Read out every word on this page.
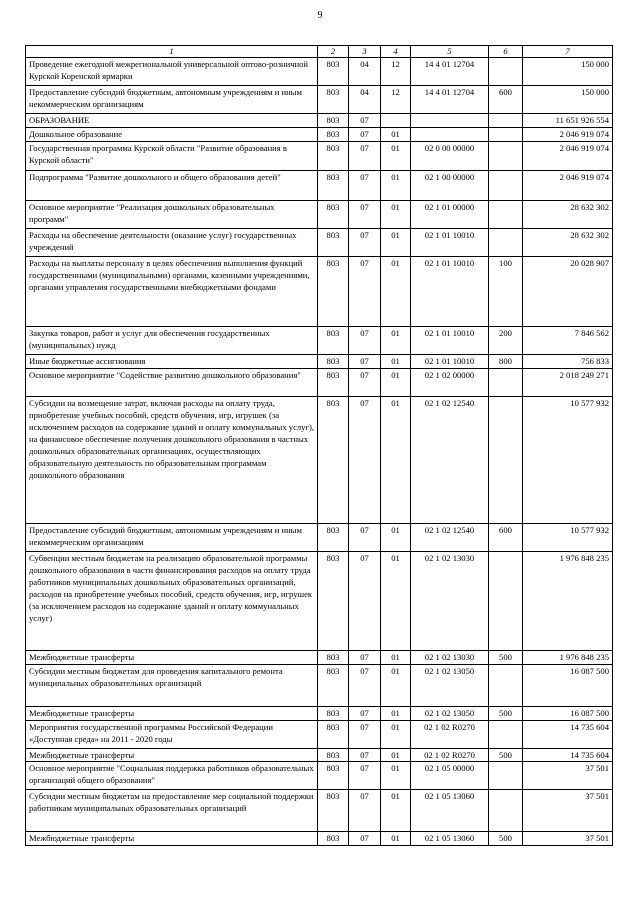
9
1	2	3	4	5	6	7
Проведение ежегодной межрегиональной универсальной оптово-розничной Курской Коренской ярмарки	803	04	12	14 4 01 12704		150 000
Предоставление субсидий бюджетным, автономным учреждениям и иным некоммерческим организациям	803	04	12	14 4 01 12704	600	150 000
ОБРАЗОВАНИЕ	803	07				11 651 926 554
Дошкольное образование	803	07	01			2 046 919 074
Государственная программа Курской области "Развитие образования в Курской области"	803	07	01	02 0 00 00000		2 046 919 074
Подпрограмма "Развитие дошкольного и общего образования детей"	803	07	01	02 1 00 00000		2 046 919 074
Основное мероприятие "Реализация дошкольных образовательных программ"	803	07	01	02 1 01 00000		28 632 302
Расходы на обеспечение деятельности (оказание услуг) государственных учреждений	803	07	01	02 1 01 10010		28 632 302
Расходы на выплаты персоналу в целях обеспечения выполнения функций государственными (муниципальными) органами, казенными учреждениями, органами управления государственными внебюджетными фондами	803	07	01	02 1 01 10010	100	20 028 907
Закупка товаров, работ и услуг для обеспечения государственных (муниципальных) нужд	803	07	01	02 1 01 10010	200	7 846 562
Иные бюджетные ассигнования	803	07	01	02 1 01 10010	800	756 833
Основное мероприятие "Содействие развитию дошкольного образования"	803	07	01	02 1 02 00000		2 018 249 271
Субсидии на возмещение затрат, включая расходы на оплату труда, приобретение учебных пособий, средств обучения, игр, игрушек (за исключением расходов на содержание зданий и оплату коммунальных услуг), на финансовое обеспечение получения дошкольного образования в частных дошкольных образовательных организациях, осуществляющих образовательную деятельность по образовательным программам дошкольного образования	803	07	01	02 1 02 12540		10 577 932
Предоставление субсидий бюджетным, автономным учреждениям и иным некоммерческим организациям	803	07	01	02 1 02 12540	600	10 577 932
Субвенции местным бюджетам на реализацию образовательной программы дошкольного образования в части финансирования расходов на оплату труда работников муниципальных дошкольных образовательных организаций, расходов на приобретение учебных пособий, средств обучения, игр, игрушек (за исключением расходов на содержание зданий и оплату коммунальных услуг)	803	07	01	02 1 02 13030		1 976 848 235
Межбюджетные трансферты	803	07	01	02 1 02 13030	500	1 976 848 235
Субсидии местным бюджетам для проведения капитального ремонта муниципальных образовательных организаций	803	07	01	02 1 02 13050		16 087 500
Межбюджетные трансферты	803	07	01	02 1 02 13050	500	16 087 500
Мероприятия государственной программы Российской Федерации «Доступная среда» на 2011 - 2020 годы	803	07	01	02 1 02 R0270		14 735 604
Межбюджетные трансферты	803	07	01	02 1 02 R0270	500	14 735 604
Основное мероприятие "Социальная поддержка работников образовательных организаций общего образования"	803	07	01	02 1 05 00000		37 501
Субсидии местным бюджетам на предоставление мер социальной поддержки работникам муниципальных образовательных организаций	803	07	01	02 1 05 13060		37 501
Межбюджетные трансферты	803	07	01	02 1 05 13060	500	37 501
